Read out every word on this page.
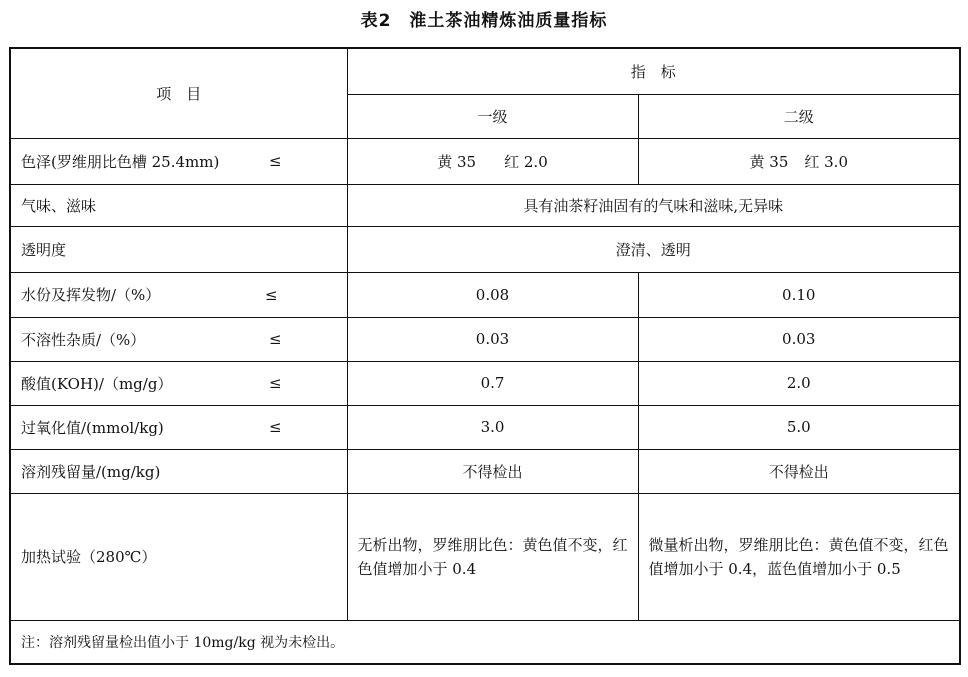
表2　淮土茶油精炼油质量指标
项　目	指　标	
	一级	二级
色泽(罗维朋比色槽 25.4mm) ≤	黄 35 红 2.0	黄 35 红 3.0
气味、滋味	具有油茶籽油固有的气味和滋味,无异味	
透明度	澄清、透明	
水份及挥发物/（%） ≤	0.08	0.10
不溶性杂质/（%） ≤	0.03	0.03
酸值(KOH)/（mg/g） ≤	0.7	2.0
过氧化值/(mmol/kg) ≤	3.0	5.0
溶剂残留量/(mg/kg)	不得检出	不得检出
加热试验（280℃）	无析出物，罗维朋比色：黄色值不变，红色值增加小于 0.4	微量析出物，罗维朋比色：黄色值不变，红色值增加小于 0.4，蓝色值增加小于 0.5
注：溶剂残留量检出值小于 10mg/kg 视为未检出。		
